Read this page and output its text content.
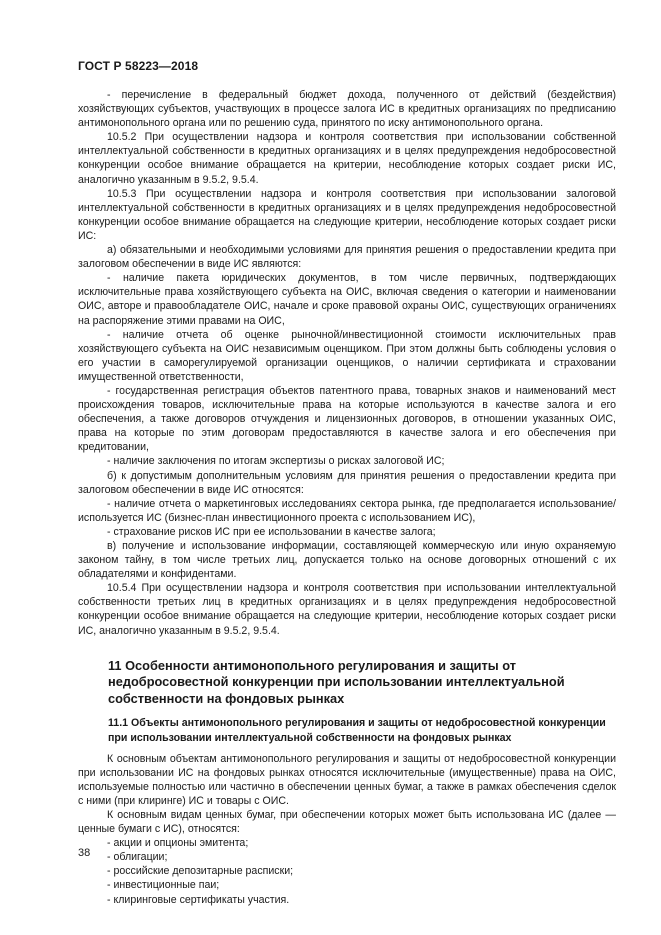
ГОСТ Р 58223—2018

- перечисление в федеральный бюджет дохода, полученного от действий (бездействия) хозяйствующих субъектов, участвующих в процессе залога ИС в кредитных организациях по предписанию антимонопольного органа или по решению суда, принятого по иску антимонопольного органа.

10.5.2 При осуществлении надзора и контроля соответствия при использовании собственной интеллектуальной собственности в кредитных организациях и в целях предупреждения недобросовестной конкуренции особое внимание обращается на критерии, несоблюдение которых создает риски ИС, аналогично указанным в 9.5.2, 9.5.4.

10.5.3 При осуществлении надзора и контроля соответствия при использовании залоговой интеллектуальной собственности в кредитных организациях и в целях предупреждения недобросовестной конкуренции особое внимание обращается на следующие критерии, несоблюдение которых создает риски ИС:

а) обязательными и необходимыми условиями для принятия решения о предоставлении кредита при залоговом обеспечении в виде ИС являются:

- наличие пакета юридических документов, в том числе первичных, подтверждающих исключительные права хозяйствующего субъекта на ОИС, включая сведения о категории и наименовании ОИС, авторе и правообладателе ОИС, начале и сроке правовой охраны ОИС, существующих ограничениях на распоряжение этими правами на ОИС,

- наличие отчета об оценке рыночной/инвестиционной стоимости исключительных прав хозяйствующего субъекта на ОИС независимым оценщиком. При этом должны быть соблюдены условия о его участии в саморегулируемой организации оценщиков, о наличии сертификата и страховании имущественной ответственности,

- государственная регистрация объектов патентного права, товарных знаков и наименований мест происхождения товаров, исключительные права на которые используются в качестве залога и его обеспечения, а также договоров отчуждения и лицензионных договоров, в отношении указанных ОИС, права на которые по этим договорам предоставляются в качестве залога и его обеспечения при кредитовании,

- наличие заключения по итогам экспертизы о рисках залоговой ИС;

б) к допустимым дополнительным условиям для принятия решения о предоставлении кредита при залоговом обеспечении в виде ИС относятся:

- наличие отчета о маркетинговых исследованиях сектора рынка, где предполагается использование/используется ИС (бизнес-план инвестиционного проекта с использованием ИС),

- страхование рисков ИС при ее использовании в качестве залога;

в) получение и использование информации, составляющей коммерческую или иную охраняемую законом тайну, в том числе третьих лиц, допускается только на основе договорных отношений с их обладателями и конфидентами.

10.5.4 При осуществлении надзора и контроля соответствия при использовании интеллектуальной собственности третьих лиц в кредитных организациях и в целях предупреждения недобросовестной конкуренции особое внимание обращается на следующие критерии, несоблюдение которых создает риски ИС, аналогично указанным в 9.5.2, 9.5.4.

11 Особенности антимонопольного регулирования и защиты от недобросовестной конкуренции при использовании интеллектуальной собственности на фондовых рынках

11.1 Объекты антимонопольного регулирования и защиты от недобросовестной конкуренции при использовании интеллектуальной собственности на фондовых рынках

К основным объектам антимонопольного регулирования и защиты от недобросовестной конкуренции при использовании ИС на фондовых рынках относятся исключительные (имущественные) права на ОИС, используемые полностью или частично в обеспечении ценных бумаг, а также в рамках обеспечения сделок с ними (при клиринге) ИС и товары с ОИС.

К основным видам ценных бумаг, при обеспечении которых может быть использована ИС (далее — ценные бумаги с ИС), относятся:

- акции и опционы эмитента;

- облигации;

- российские депозитарные расписки;

- инвестиционные паи;

- клиринговые сертификаты участия.

38
